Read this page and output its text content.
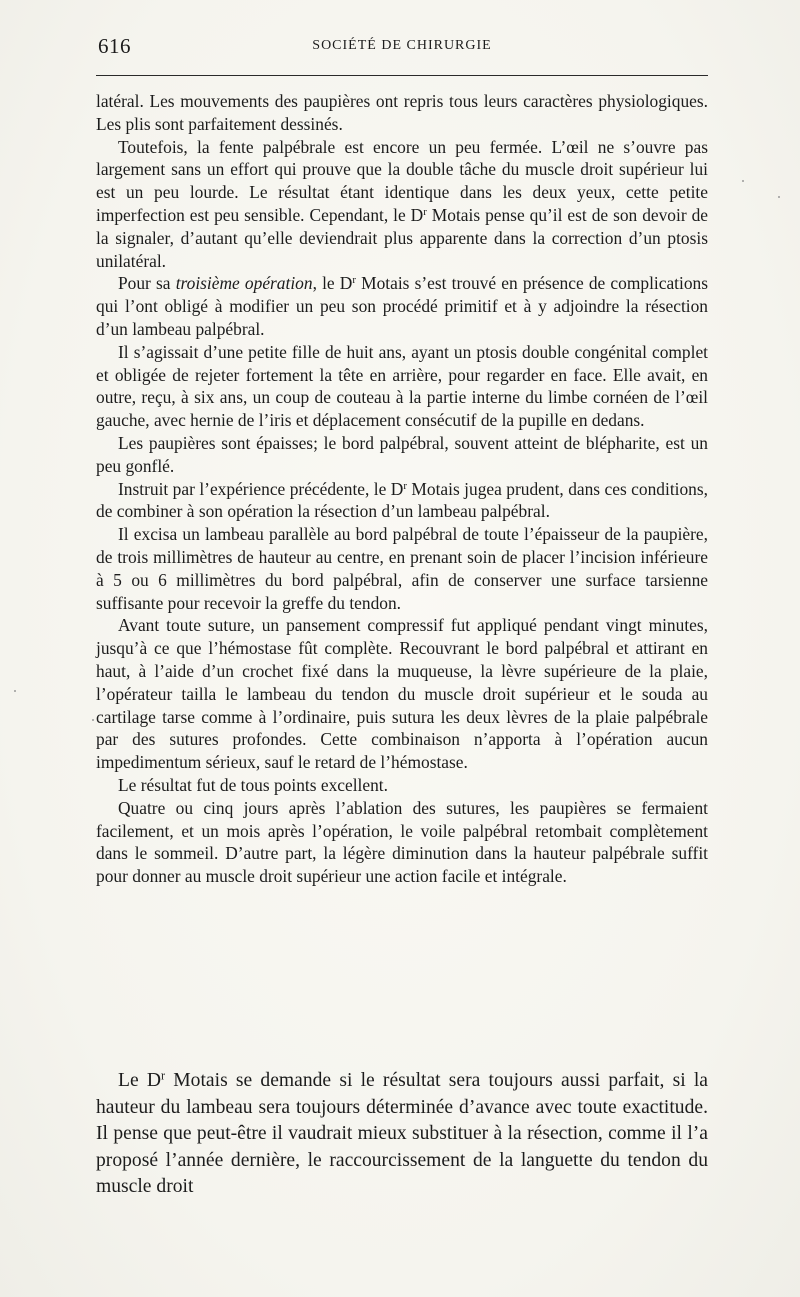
616	SOCIÉTÉ DE CHIRURGIE

latéral. Les mouvements des paupières ont repris tous leurs caractères physiologiques. Les plis sont parfaitement dessinés.

Toutefois, la fente palpébrale est encore un peu fermée. L’œil ne s’ouvre pas largement sans un effort qui prouve que la double tâche du muscle droit supérieur lui est un peu lourde. Le résultat étant identique dans les deux yeux, cette petite imperfection est peu sensible. Cependant, le $D^r$ Motais pense qu’il est de son devoir de la signaler, d’autant qu’elle deviendrait plus apparente dans la correction d’un ptosis unilatéral.

Pour sa troisième opération, le $D^r$ Motais s’est trouvé en présence de complications qui l’ont obligé à modifier un peu son procédé primitif et à y adjoindre la résection d’un lambeau palpébral.

Il s’agissait d’une petite fille de huit ans, ayant un ptosis double congénital complet et obligée de rejeter fortement la tête en arrière, pour regarder en face. Elle avait, en outre, reçu, à six ans, un coup de couteau à la partie interne du limbe cornéen de l’œil gauche, avec hernie de l’iris et déplacement consécutif de la pupille en dedans.

Les paupières sont épaisses; le bord palpébral, souvent atteint de blépharite, est un peu gonflé.

Instruit par l’expérience précédente, le $D^r$ Motais jugea prudent, dans ces conditions, de combiner à son opération la résection d’un lambeau palpébral.

Il excisa un lambeau parallèle au bord palpébral de toute l’épaisseur de la paupière, de trois millimètres de hauteur au centre, en prenant soin de placer l’incision inférieure à 5 ou 6 millimètres du bord palpébral, afin de conserver une surface tarsienne suffisante pour recevoir la greffe du tendon.

Avant toute suture, un pansement compressif fut appliqué pendant vingt minutes, jusqu’à ce que l’hémostase fût complète. Recouvrant le bord palpébral et attirant en haut, à l’aide d’un crochet fixé dans la muqueuse, la lèvre supérieure de la plaie, l’opérateur tailla le lambeau du tendon du muscle droit supérieur et le souda au cartilage tarse comme à l’ordinaire, puis sutura les deux lèvres de la plaie palpébrale par des sutures profondes. Cette combinaison n’apporta à l’opération aucun impedimentum sérieux, sauf le retard de l’hémostase.

Le résultat fut de tous points excellent.

Quatre ou cinq jours après l’ablation des sutures, les paupières se fermaient facilement, et un mois après l’opération, le voile palpébral retombait complètement dans le sommeil. D’autre part, la légère diminution dans la hauteur palpébrale suffit pour donner au muscle droit supérieur une action facile et intégrale.

Le $D^r$ Motais se demande si le résultat sera toujours aussi parfait, si la hauteur du lambeau sera toujours déterminée d’avance avec toute exactitude. Il pense que peut-être il vaudrait mieux substituer à la résection, comme il l’a proposé l’année dernière, le raccourcissement de la languette du tendon du muscle droit
